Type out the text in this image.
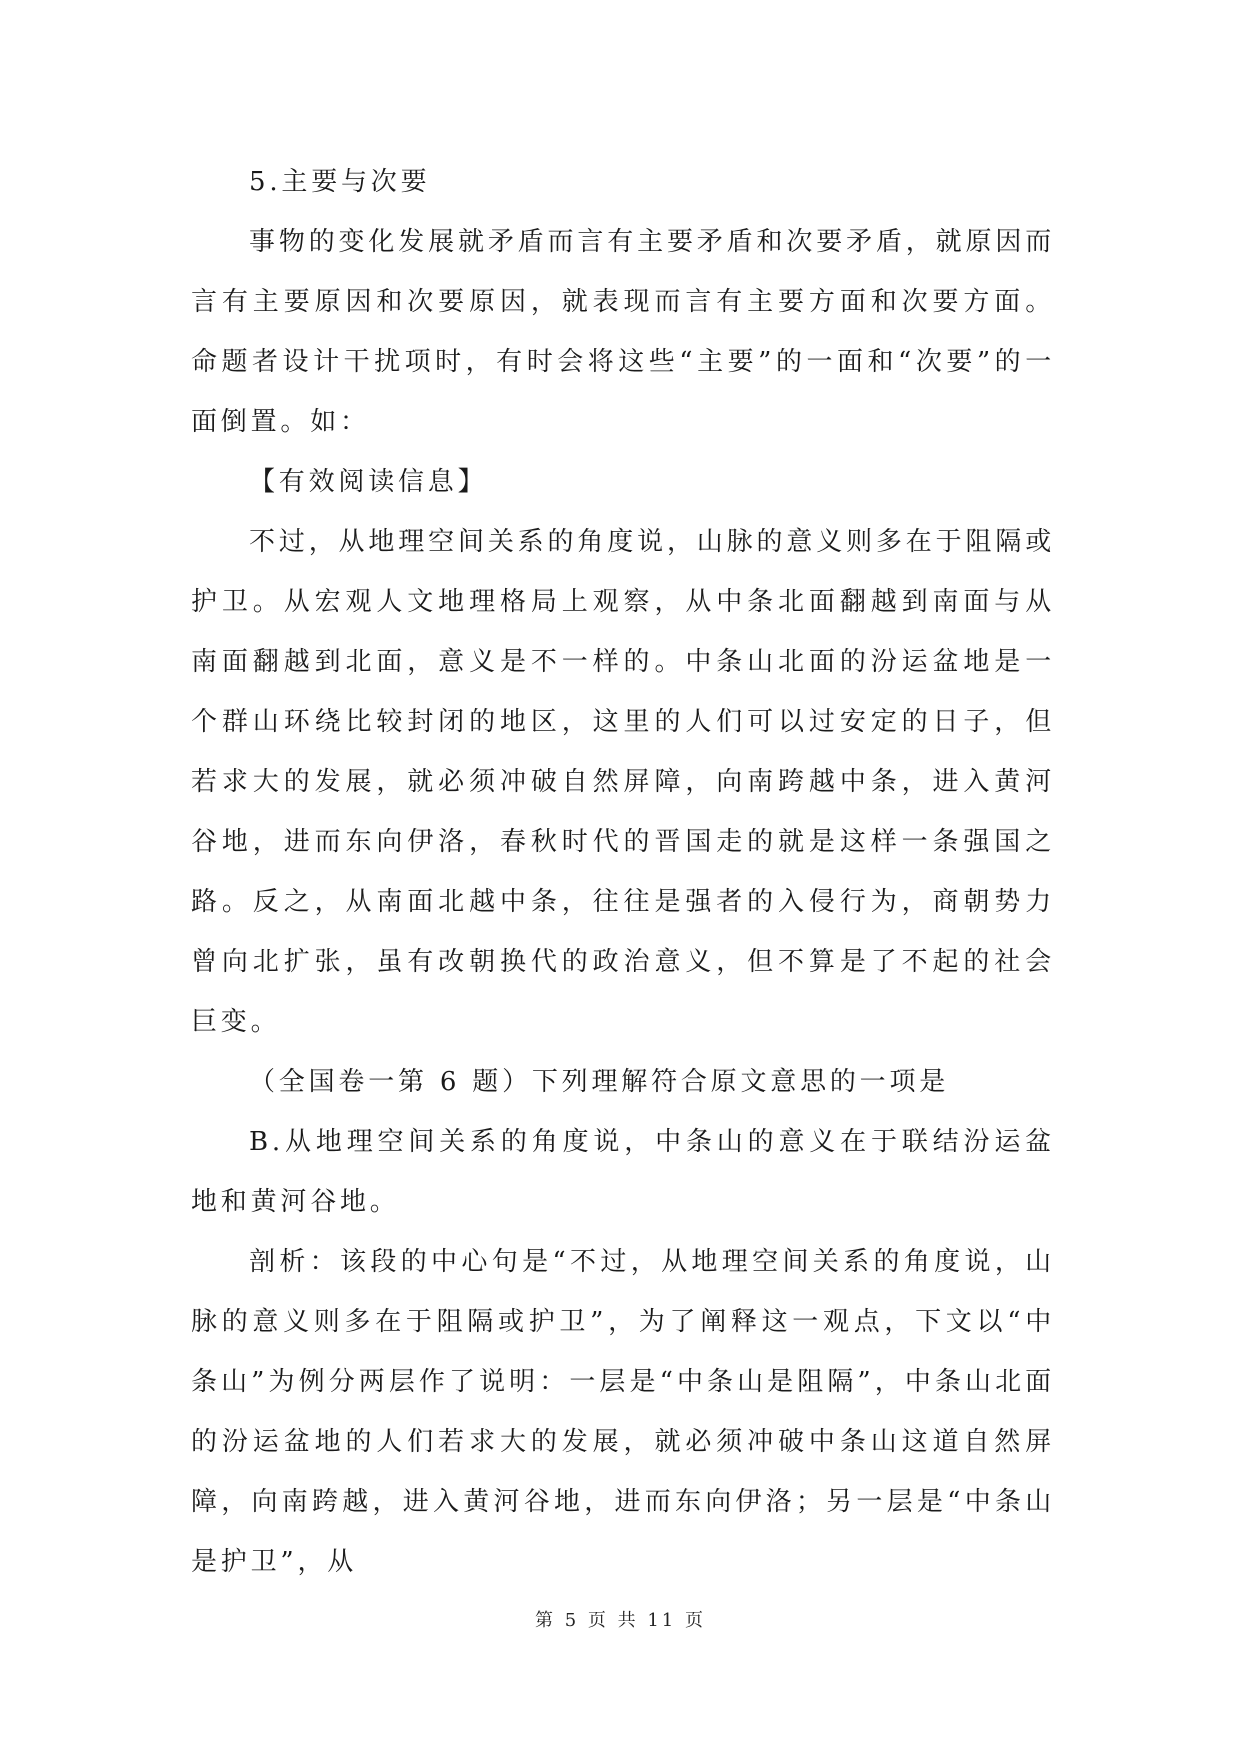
5.主要与次要

事物的变化发展就矛盾而言有主要矛盾和次要矛盾，就原因而言有主要原因和次要原因，就表现而言有主要方面和次要方面。命题者设计干扰项时，有时会将这些“主要”的一面和“次要”的一面倒置。如：

【有效阅读信息】

不过，从地理空间关系的角度说，山脉的意义则多在于阻隔或护卫。从宏观人文地理格局上观察，从中条北面翻越到南面与从南面翻越到北面，意义是不一样的。中条山北面的汾运盆地是一个群山环绕比较封闭的地区，这里的人们可以过安定的日子，但若求大的发展，就必须冲破自然屏障，向南跨越中条，进入黄河谷地，进而东向伊洛，春秋时代的晋国走的就是这样一条强国之路。反之，从南面北越中条，往往是强者的入侵行为，商朝势力曾向北扩张，虽有改朝换代的政治意义，但不算是了不起的社会巨变。

（全国卷一第 6 题）下列理解符合原文意思的一项是

B.从地理空间关系的角度说，中条山的意义在于联结汾运盆地和黄河谷地。

剖析：该段的中心句是“不过，从地理空间关系的角度说，山脉的意义则多在于阻隔或护卫”，为了阐释这一观点，下文以“中条山”为例分两层作了说明：一层是“中条山是阻隔”，中条山北面的汾运盆地的人们若求大的发展，就必须冲破中条山这道自然屏障，向南跨越，进入黄河谷地，进而东向伊洛；另一层是“中条山是护卫”，从

第 5 页 共 11 页
